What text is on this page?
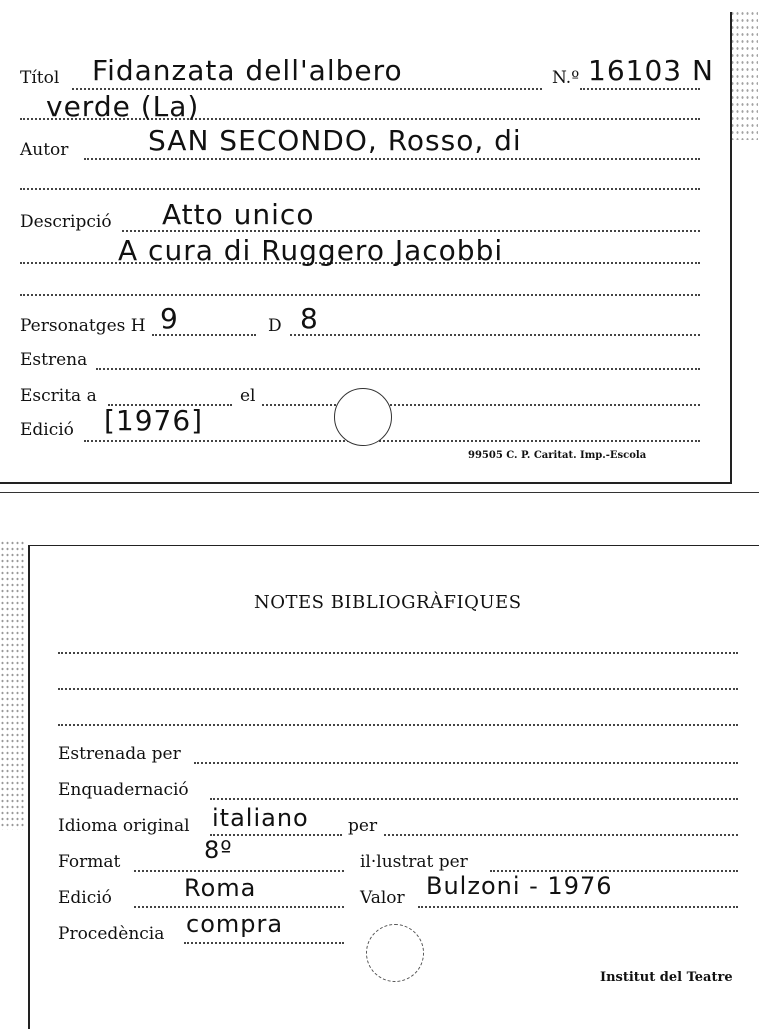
Títol Fidanzata dell'albero	N.º 16103 N
verde (La)
Autor	SAN SECONDO, Rosso, di
Descripció Atto unico
A cura di Ruggero Jacobbi
Personatges H 9	D 8
Estrena
Escrita a	el
Edició [1976]
99505 C. P. Caritat. Imp.-Escola
NOTES BIBLIOGRÀFIQUES
Estrenada per
Enquadernació
Idioma original italiano per
Format	8º	il·lustrat per
Edició	Roma	Valor Bulzoni - 1976
Procedència compra
Institut del Teatre
